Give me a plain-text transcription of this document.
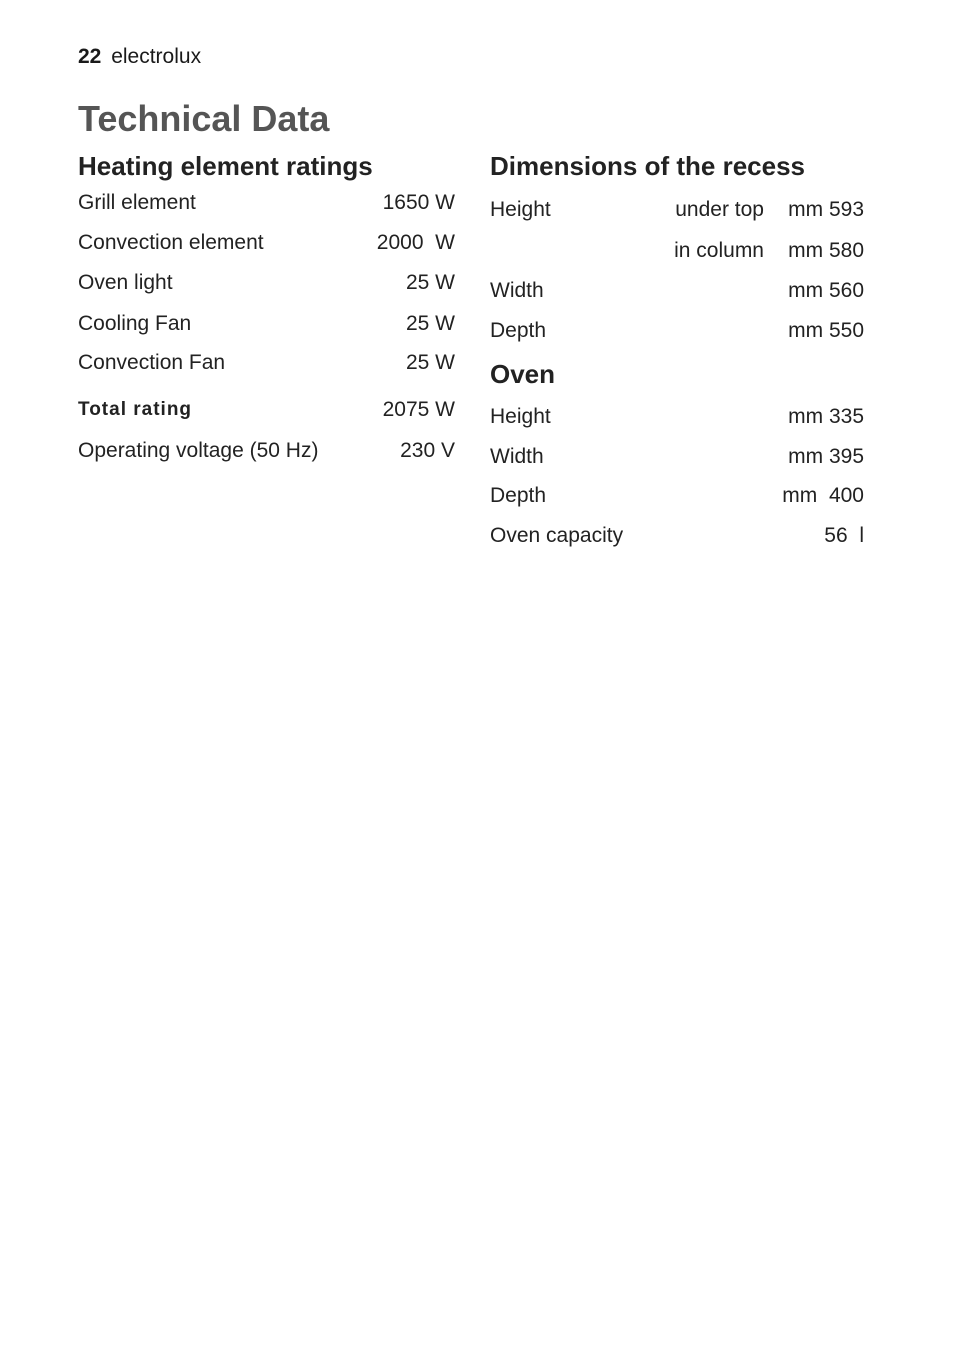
22 electrolux
Technical Data
Heating element ratings
Grill element	1650 W
Convection element	2000  W
Oven light	25 W
Cooling Fan	25 W
Convection Fan	25 W
Total rating	2075 W
Operating voltage (50 Hz)	230 V
Dimensions of the recess
Height	under top mm 593
in column mm 580
Width	mm 560
Depth	mm 550
Oven
Height	mm 335
Width	mm 395
Depth	mm  400
Oven capacity	56  l
